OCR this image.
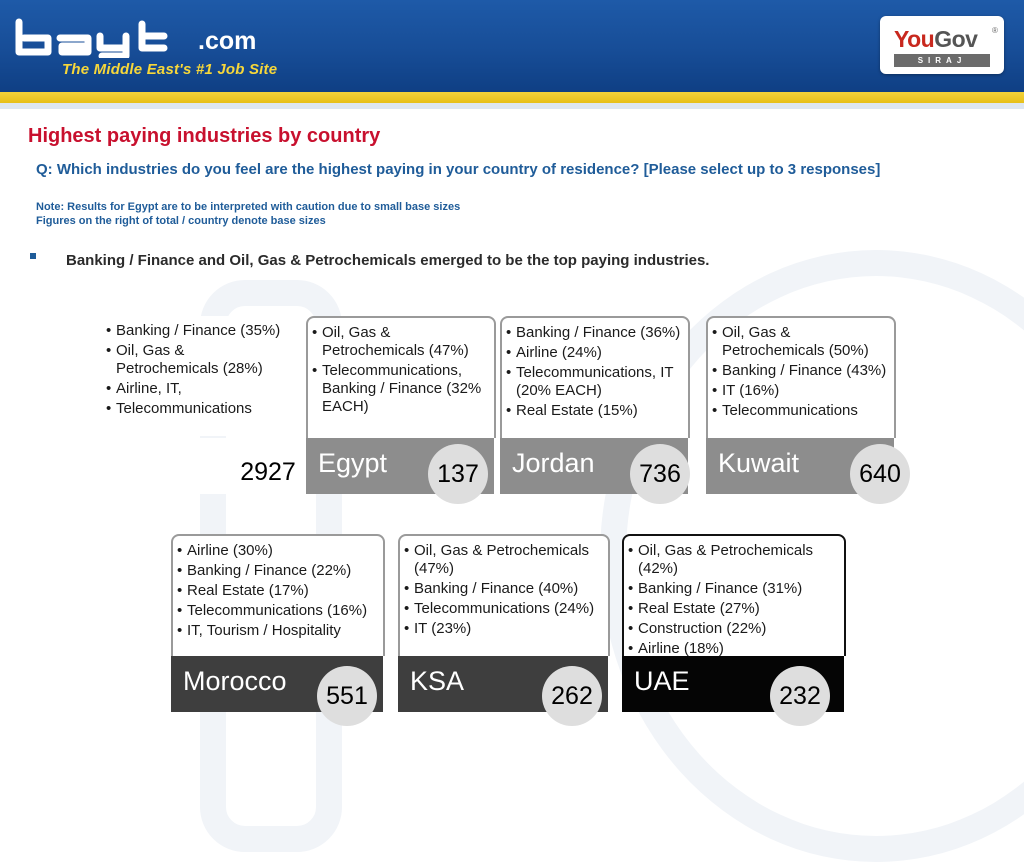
.com
The Middle East's #1 Job Site
YouGov ®
SIRAJ
Highest paying industries by country
Q: Which industries do you feel are the highest paying in your country of residence? [Please select up to 3 responses]
Note: Results for Egypt are to be interpreted with caution due to small base sizes
Figures on the right of total / country denote base sizes
Banking / Finance and Oil, Gas & Petrochemicals emerged to be the top paying industries.
• Banking / Finance (35%)
• Oil, Gas & Petrochemicals (28%)
• Airline, IT,
• Telecommunications
2927
• Oil, Gas & Petrochemicals (47%)
• Telecommunications, Banking / Finance (32% EACH)
Egypt	137
• Banking / Finance (36%)
• Airline (24%)
• Telecommunications, IT (20% EACH)
• Real Estate (15%)
Jordan	736
• Oil, Gas & Petrochemicals (50%)
• Banking / Finance (43%)
• IT (16%)
• Telecommunications
Kuwait	640
• Airline (30%)
• Banking / Finance (22%)
• Real Estate (17%)
• Telecommunications (16%)
• IT, Tourism / Hospitality
Morocco	551
• Oil, Gas & Petrochemicals (47%)
• Banking / Finance (40%)
• Telecommunications (24%)
• IT (23%)
KSA	262
• Oil, Gas & Petrochemicals (42%)
• Banking / Finance (31%)
• Real Estate (27%)
• Construction (22%)
• Airline (18%)
UAE	232
